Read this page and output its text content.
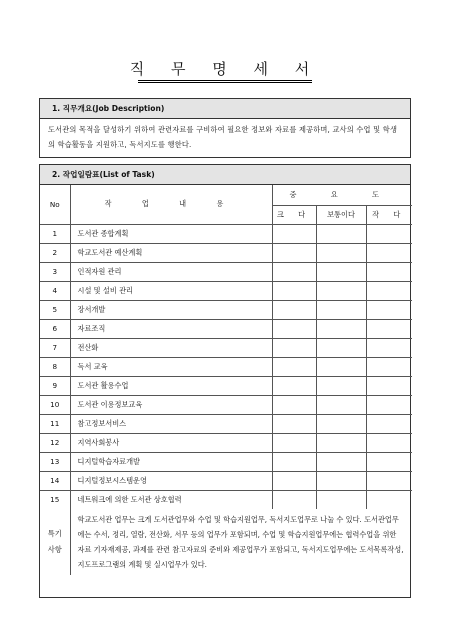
직 무 명 세 서
1. 직무개요(Job Description)
도서관의 목적을 달성하기 위하여 관련자료를 구비하여 필요한 정보와 자료를 제공하며, 교사의 수업 및 학생의 학습활동을 지원하고, 독서지도를 행한다.
2. 작업일람표(List of Task)
No	작 업 내 용	중 요 도		
		크 다	보통이다	작 다
1	도서관 종합계획			
2	학교도서관 예산계획			
3	인적자원 관리			
4	시설 및 설비 관리			
5	장서개발			
6	자료조직			
7	전산화			
8	독서 교육			
9	도서관 활용수업			
10	도서관 이용정보교육			
11	참고정보서비스			
12	지역사회봉사			
13	디지털학습자료개발			
14	디지털정보시스템운영			
15	네트워크에 의한 도서관 상호협력			
특기
사항	학교도서관 업무는 크게 도서관업무와 수업 및 학습지원업무, 독서지도업무로 나눌 수 있다. 도서관업무에는 수서, 정리, 열람, 전산화, 서무 등의 업무가 포함되며, 수업 및 학습지원업무에는 협력수업을 위한 자료 기자재제공, 과제를 관련 참고자료의 준비와 제공업무가 포함되고, 독서지도업무에는 도서목록작성, 지도프로그램의 계획 및 실시업무가 있다.			
